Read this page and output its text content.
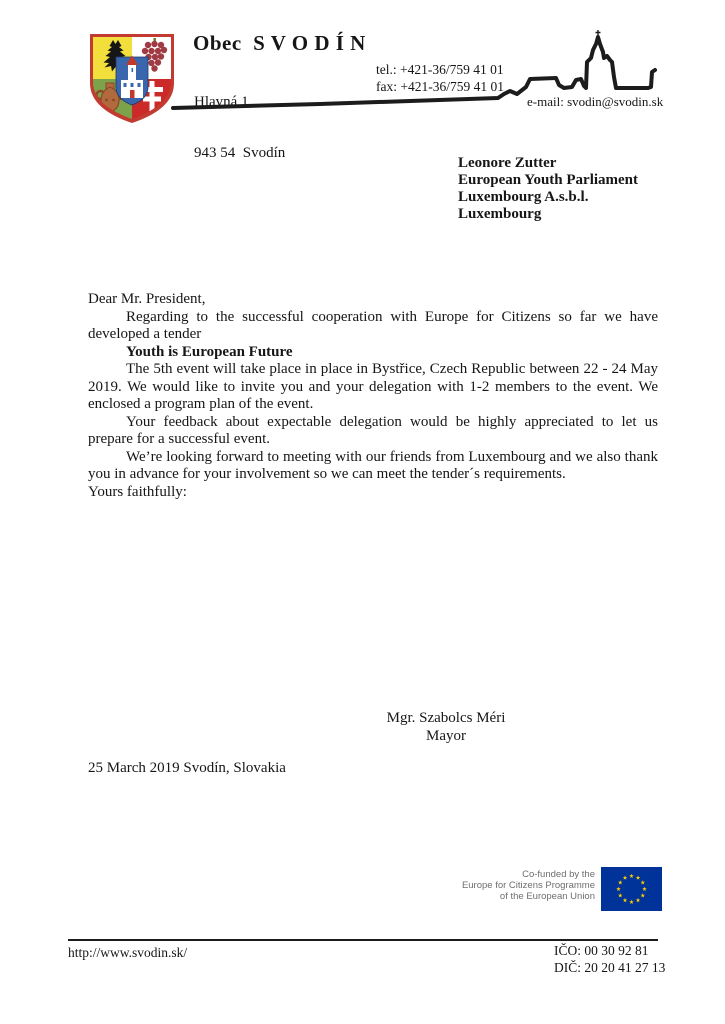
Obec  S V O D Í N

Hlavná 1

943 54  Svodín

tel.: +421-36/759 41 01
fax: +421-36/759 41 01
e-mail: svodin@svodin.sk
Leonore Zutter
European Youth Parliament
Luxembourg A.s.b.l.
Luxembourg

Dear Mr. President,

Regarding to the successful cooperation with Europe for Citizens so far we have developed a tender

Youth is European Future

The 5th event will take place in place in Bystřice, Czech Republic between 22 - 24 May 2019. We would like to invite you and your delegation with 1-2 members to the event. We enclosed a program plan of the event.

Your feedback about expectable delegation would be highly appreciated to let us prepare for a successful event.

We’re looking forward to meeting with our friends from Luxembourg and we also thank you in advance for your involvement so we can meet the tender´s requirements.

Yours faithfully:

Mgr. Szabolcs Méri
Mayor
25 March 2019 Svodín, Slovakia
Co-funded by the
Europe for Citizens Programme
of the European Union
http://www.svodin.sk/	IČO: 00 30 92 81
DIČ: 20 20 41 27 13
